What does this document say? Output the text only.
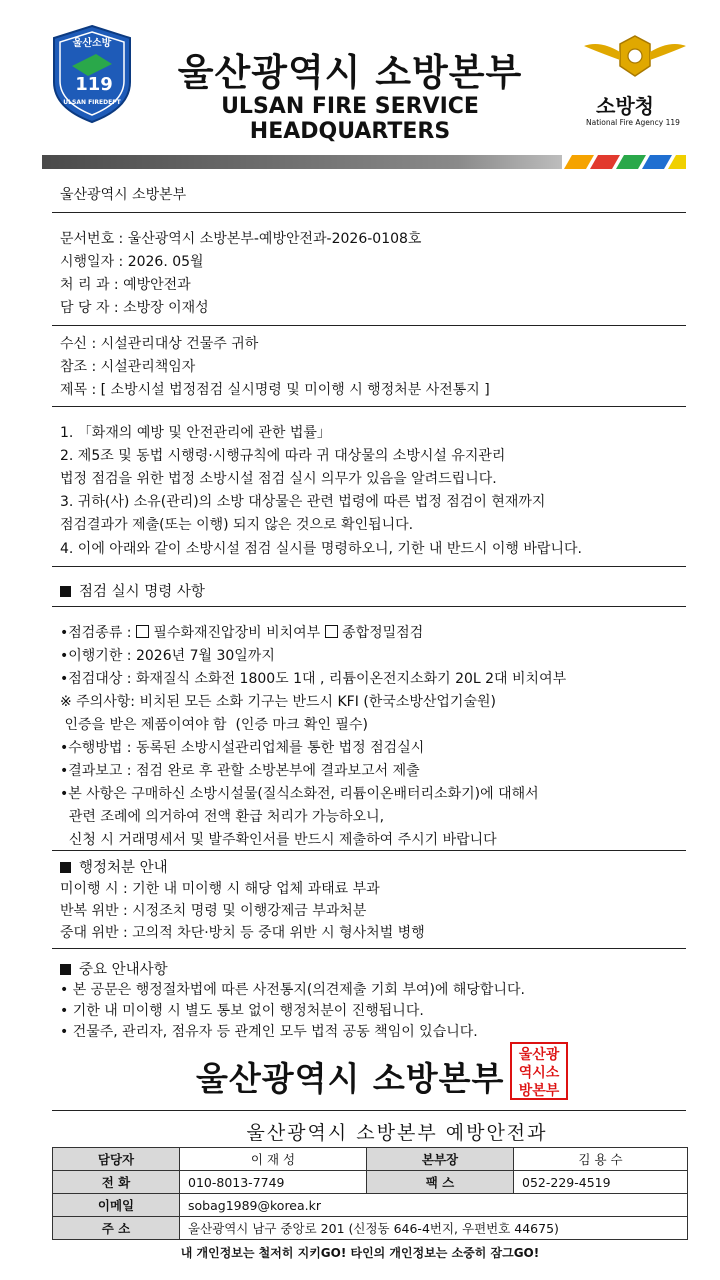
울산소방
119
ULSAN FIREDEPT
울산광역시 소방본부
ULSAN FIRE SERVICE HEADQUARTERS
소방청
National Fire Agency 119
울산광역시 소방본부
문서번호 : 울산광역시 소방본부-예방안전과-2026-0108호
시행일자 : 2026. 05월
처 리 과 : 예방안전과
담 당 자 : 소방장 이재성
수신 : 시설관리대상 건물주 귀하
참조 : 시설관리책임자
제목 : [ 소방시설 법정점검 실시명령 및 미이행 시 행정처분 사전통지 ]
1. 「화재의 예방 및 안전관리에 관한 법률」
2. 제5조 및 동법 시행령·시행규칙에 따라 귀 대상물의 소방시설 유지관리
법정 점검을 위한 법정 소방시설 점검 실시 의무가 있음을 알려드립니다.
3. 귀하(사) 소유(관리)의 소방 대상물은 관련 법령에 따른 법정 점검이 현재까지
점검결과가 제출(또는 이행) 되지 않은 것으로 확인됩니다.
4. 이에 아래와 같이 소방시설 점검 실시를 명령하오니, 기한 내 반드시 이행 바랍니다.
점검 실시 명령 사항
•점검종류 :  필수화재진압장비 비치여부  종합정밀점검
•이행기한 : 2026년 7월 30일까지
•점검대상 : 화재질식 소화전 1800도 1대 , 리튬이온전지소화기 20L 2대 비치여부
※ 주의사항: 비치된 모든 소화 기구는 반드시 KFI (한국소방산업기술원)
인증을 받은 제품이여야 함  (인증 마크 확인 필수)
•수행방법 : 동록된 소방시설관리업체를 통한 법정 점검실시
•결과보고 : 점검 완로 후 관할 소방본부에 결과보고서 제출
•본 사항은 구매하신 소방시설물(질식소화전, 리튬이온배터리소화기)에 대해서
관련 조례에 의거하여 전액 환급 처리가 가능하오니,
신청 시 거래명세서 및 발주확인서를 반드시 제출하여 주시기 바랍니다
행정처분 안내
미이행 시 : 기한 내 미이행 시 해당 업체 과태료 부과
반복 위반 : 시정조치 명령 및 이행강제금 부과처분
중대 위반 : 고의적 차단·방치 등 중대 위반 시 형사처벌 병행
중요 안내사항
• 본 공문은 행정절차법에 따른 사전통지(의견제출 기회 부여)에 해당합니다.
• 기한 내 미이행 시 별도 통보 없이 행정처분이 진행됩니다.
• 건물주, 관리자, 점유자 등 관계인 모두 법적 공동 책임이 있습니다.
울산광역시 소방본부
울산광
역시소
방본부
울산광역시 소방본부 예방안전과
담당자	이 재 성	본부장	김 용 수
전 화	010-8013-7749	팩 스	052-229-4519
이메일	sobag1989@korea.kr		
주 소	울산광역시 남구 중앙로 201 (신정동 646-4번지, 우편번호 44675)		
내 개인정보는 철저히 지키GO! 타인의 개인정보는 소중히 잠그GO!
